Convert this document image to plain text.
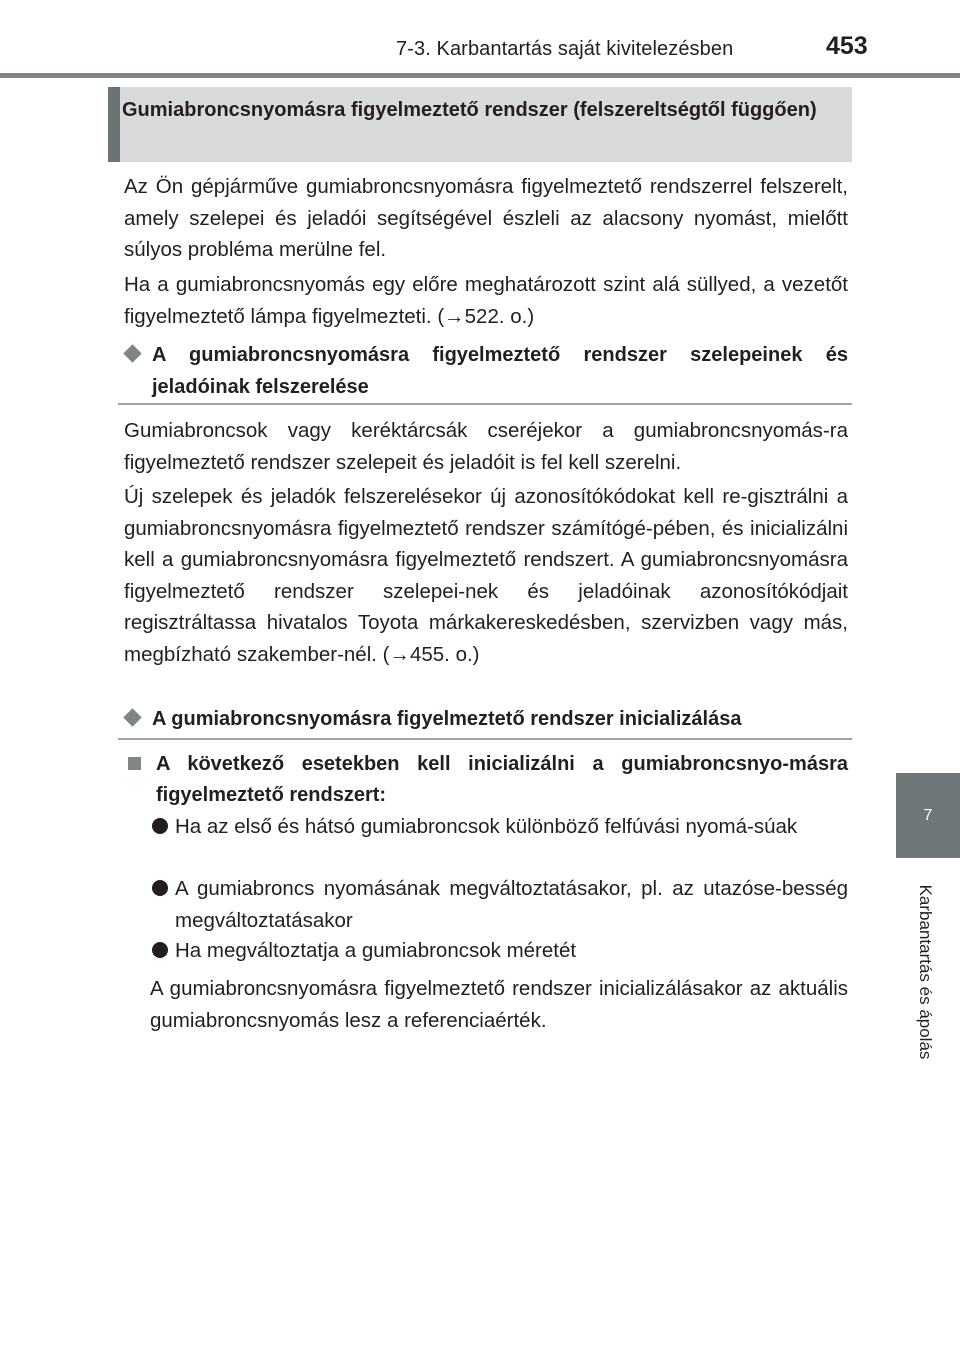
7-3. Karbantartás saját kivitelezésben	453
7
Karbantartás és ápolás
Gumiabroncsnyomásra figyelmeztető rendszer (felszereltségtől függően)

Az Ön gépjárműve gumiabroncsnyomásra figyelmeztető rendszerrel felszerelt, amely szelepei és jeladói segítségével észleli az alacsony nyomást, mielőtt súlyos probléma merülne fel.

Ha a gumiabroncsnyomás egy előre meghatározott szint alá süllyed, a vezetőt figyelmeztető lámpa figyelmezteti. (→522. o.)

A gumiabroncsnyomásra figyelmeztető rendszer szelepeinek és jeladóinak felszerelése

Gumiabroncsok vagy keréktárcsák cseréjekor a gumiabroncsnyomás-ra figyelmeztető rendszer szelepeit és jeladóit is fel kell szerelni.

Új szelepek és jeladók felszerelésekor új azonosítókódokat kell re-gisztrálni a gumiabroncsnyomásra figyelmeztető rendszer számítógé-pében, és inicializálni kell a gumiabroncsnyomásra figyelmeztető rendszert. A gumiabroncsnyomásra figyelmeztető rendszer szelepei-nek és jeladóinak azonosítókódjait regisztráltassa hivatalos Toyota márkakereskedésben, szervizben vagy más, megbízható szakember-nél. (→455. o.)

A gumiabroncsnyomásra figyelmeztető rendszer inicializálása
A következő esetekben kell inicializálni a gumiabroncsnyo-másra figyelmeztető rendszert:
Ha az első és hátsó gumiabroncsok különböző felfúvási nyomá-súak
A gumiabroncs nyomásának megváltoztatásakor, pl. az utazóse-besség megváltoztatásakor
Ha megváltoztatja a gumiabroncsok méretét

A gumiabroncsnyomásra figyelmeztető rendszer inicializálásakor az aktuális gumiabroncsnyomás lesz a referenciaérték.
